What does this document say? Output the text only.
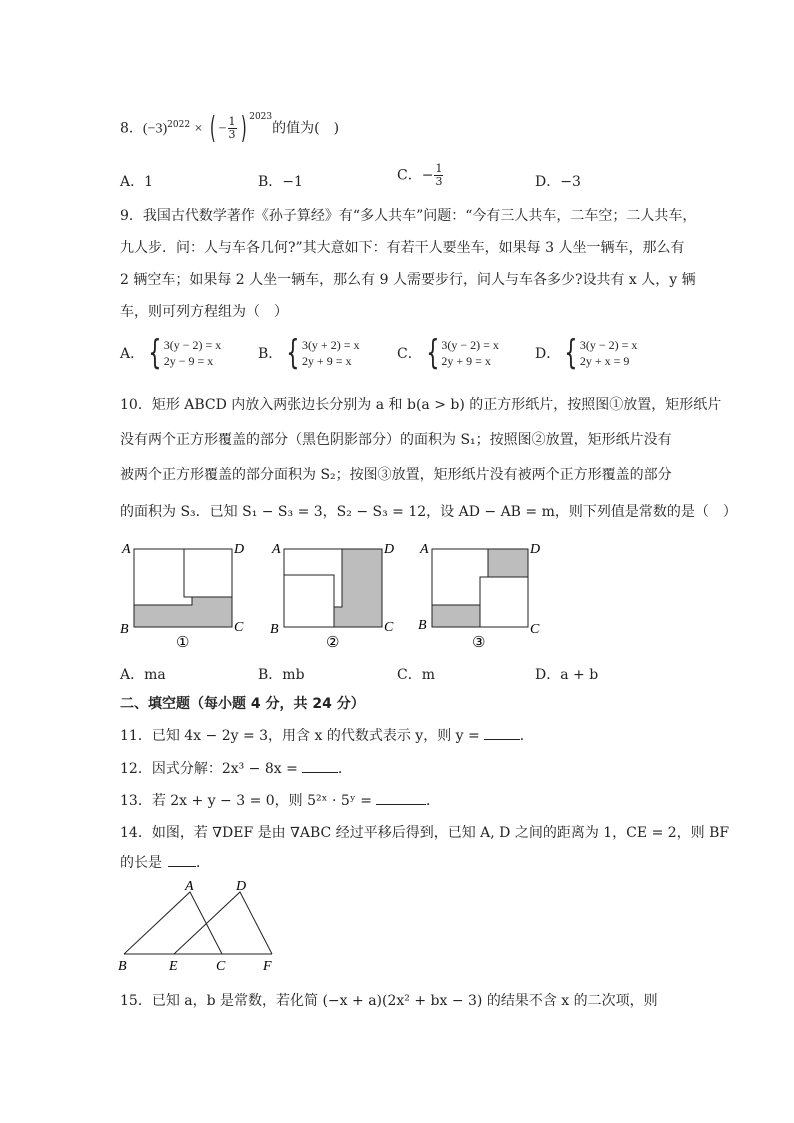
8．$(-3)^{2022}$ × ( − $\frac{1}{3}$ ) $^{2023}$的值为(　)
A．1	B．−1	C．− $\frac{1}{3}$	D．−3
9．我国古代数学著作《孙子算经》有“多人共车”问题：“今有三人共车，二车空；二人共车，
九人步．问：人与车各几何?”其大意如下：有若干人要坐车，如果每 3 人坐一辆车，那么有
2 辆空车；如果每 2 人坐一辆车，那么有 9 人需要步行，问人与车各多少?设共有 x 人，y 辆
车，则可列方程组为（　）
A． { 3(y − 2) = x
2y − 9 = x	B． { 3(y + 2) = x
2y + 9 = x	C． { 3(y − 2) = x
2y + 9 = x	D． { 3(y − 2) = x
2y + x = 9
10．矩形 ABCD 内放入两张边长分别为 a 和 b(a > b) 的正方形纸片，按照图①放置，矩形纸片
没有两个正方形覆盖的部分（黑色阴影部分）的面积为 S₁；按照图②放置，矩形纸片没有
被两个正方形覆盖的部分面积为 S₂；按图③放置，矩形纸片没有被两个正方形覆盖的部分
的面积为 S₃．已知 S₁ − S₃ = 3，S₂ − S₃ = 12，设 AD − AB = m，则下列值是常数的是（　）
A	D
B	C
①
A	D
B	C
②
A	D
B	C
③
A．ma	B．mb	C．m	D．a + b
二、填空题（每小题 4 分，共 24 分）
11．已知 4x − 2y = 3，用含 x 的代数式表示 y，则 y =	．
12．因式分解：2x³ − 8x =	．
13．若 2x + y − 3 = 0，则 5²ˣ · 5ʸ =	．
14．如图，若 ∇DEF 是由 ∇ABC 经过平移后得到，已知 A, D 之间的距离为 1，CE = 2，则 BF
的长是 ．
A	D
B	E	C	F
15．已知 a，b 是常数，若化简 (−x + a)(2x² + bx − 3) 的结果不含 x 的二次项，则
